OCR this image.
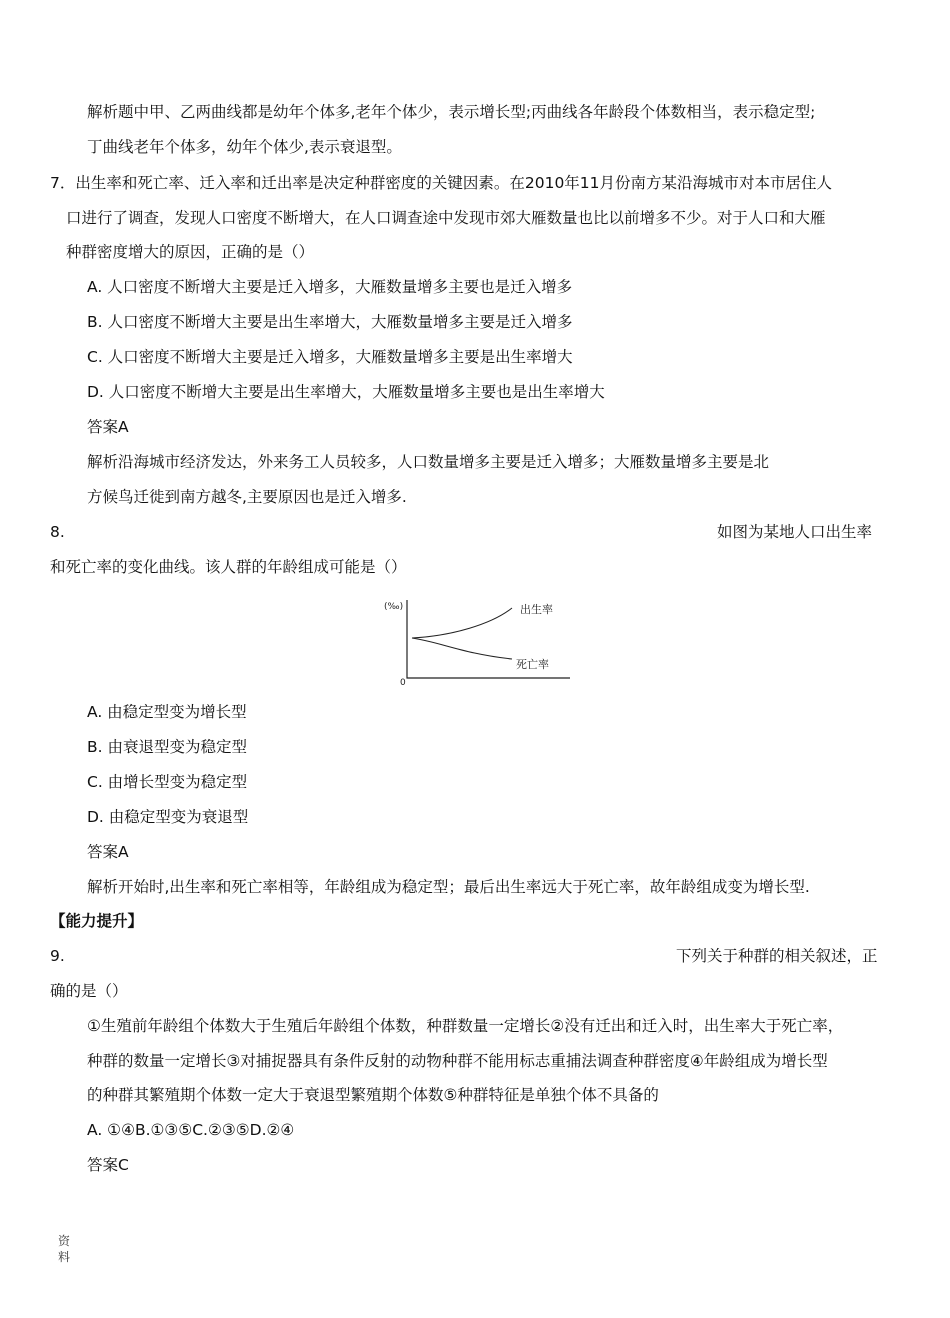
解析题中甲、乙两曲线都是幼年个体多,老年个体少，表示增长型;丙曲线各年龄段个体数相当，表示稳定型;
丁曲线老年个体多，幼年个体少,表示衰退型。
7．出生率和死亡率、迁入率和迁出率是决定种群密度的关键因素。在2010年11月份南方某沿海城市对本市居住人
口进行了调查，发现人口密度不断增大，在人口调查途中发现市郊大雁数量也比以前增多不少。对于人口和大雁
种群密度增大的原因，正确的是（）
A. 人口密度不断增大主要是迁入增多，大雁数量增多主要也是迁入增多
B. 人口密度不断增大主要是出生率增大，大雁数量增多主要是迁入增多
C. 人口密度不断增大主要是迁入增多，大雁数量增多主要是出生率增大
D. 人口密度不断增大主要是出生率增大，大雁数量增多主要也是出生率增大
答案A
解析沿海城市经济发达，外来务工人员较多，人口数量增多主要是迁入增多；大雁数量增多主要是北
方候鸟迁徙到南方越冬,主要原因也是迁入增多.
8.	如图为某地人口出生率
和死亡率的变化曲线。该人群的年龄组成可能是（）
(‰)
0
出生率
死亡率
A. 由稳定型变为增长型
B. 由衰退型变为稳定型
C. 由增长型变为稳定型
D. 由稳定型变为衰退型
答案A
解析开始时,出生率和死亡率相等，年龄组成为稳定型；最后出生率远大于死亡率，故年龄组成变为增长型.
【能力提升】
9.	下列关于种群的相关叙述，正
确的是（）
①生殖前年龄组个体数大于生殖后年龄组个体数，种群数量一定增长②没有迁出和迁入时，出生率大于死亡率，
种群的数量一定增长③对捕捉器具有条件反射的动物种群不能用标志重捕法调查种群密度④年龄组成为增长型
的种群其繁殖期个体数一定大于衰退型繁殖期个体数⑤种群特征是单独个体不具备的
A. ①④B.①③⑤C.②③⑤D.②④
答案C
资
料
